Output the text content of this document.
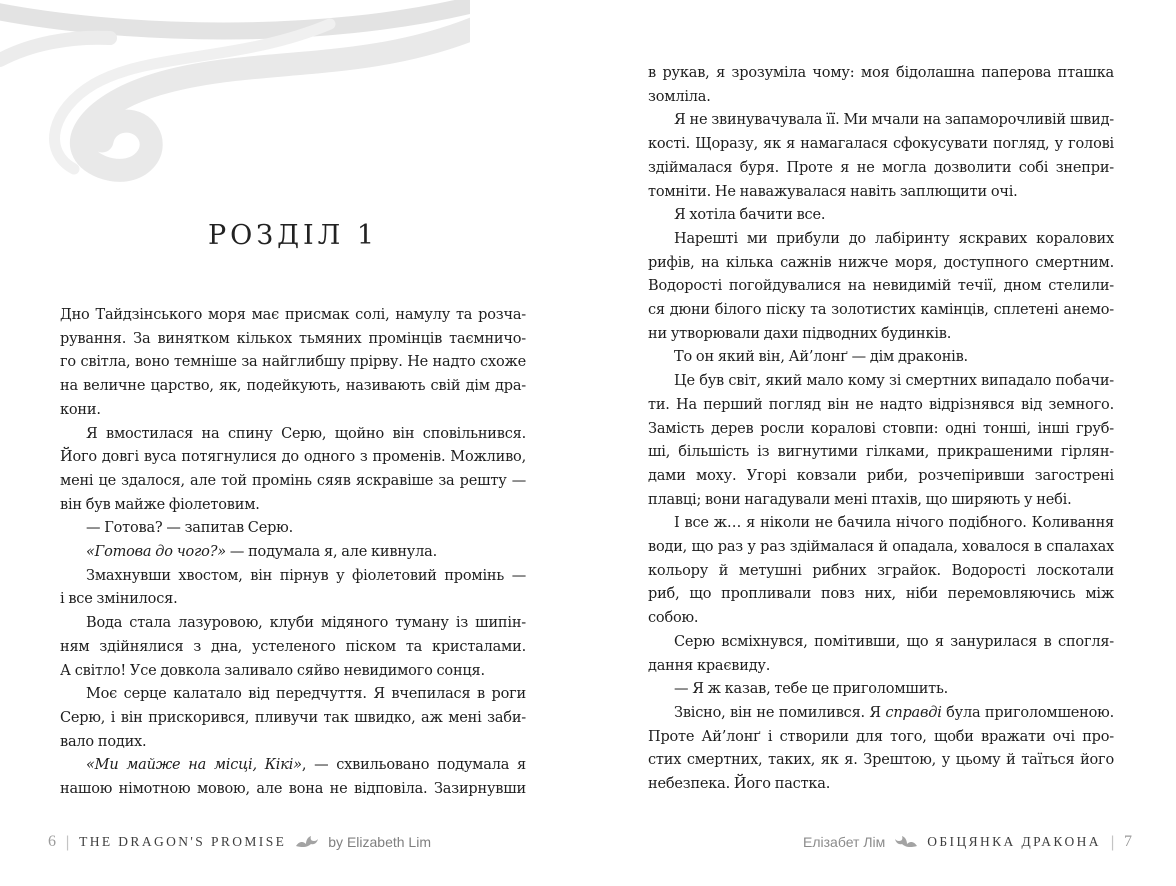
РОЗДІЛ 1
Дно Тайдзінського моря має присмак солі, намулу та розча-
рування. За винятком кількох тьмяних промінців таємничо-
го світла, воно темніше за найглибшу прірву. Не надто схоже
на величне царство, як, подейкують, називають свій дім дра-
кони.
Я вмостилася на спину Серю, щойно він сповільнився.
Його довгі вуса потягнулися до одного з променів. Можливо,
мені це здалося, але той промінь сяяв яскравіше за решту —
він був майже фіолетовим.
— Готова? — запитав Серю.
«Готова до чого?» — подумала я, але кивнула.
Змахнувши хвостом, він пірнув у фіолетовий промінь —
і все змінилося.
Вода стала лазуровою, клуби мідяного туману із шипін-
ням здійнялися з дна, устеленого піском та кристалами.
А світло! Усе довкола заливало сяйво невидимого сонця.
Моє серце калатало від передчуття. Я вчепилася в роги
Серю, і він прискорився, пливучи так швидко, аж мені заби-
вало подих.
«Ми майже на місці, Кікі», — схвильовано подумала я
нашою німотною мовою, але вона не відповіла. Зазирнувши
в рукав, я зрозуміла чому: моя бідолашна паперова пташка
зомліла.
Я не звинувачувала її. Ми мчали на запаморочливій швид-
кості. Щоразу, як я намагалася сфокусувати погляд, у голові
здіймалася буря. Проте я не могла дозволити собі знепри-
томніти. Не наважувалася навіть заплющити очі.
Я хотіла бачити все.
Нарешті ми прибули до лабіринту яскравих коралових
рифів, на кілька сажнів нижче моря, доступного смертним.
Водорості погойдувалися на невидимій течії, дном стелили-
ся дюни білого піску та золотистих камінців, сплетені анемо-
ни утворювали дахи підводних будинків.
То он який він, Ай’лонґ — дім драконів.
Це був світ, який мало кому зі смертних випадало побачи-
ти. На перший погляд він не надто відрізнявся від земного.
Замість дерев росли коралові стовпи: одні тонші, інші груб-
ші, більшість із вигнутими гілками, прикрашеними гірлян-
дами моху. Угорі ковзали риби, розчепіривши загострені
плавці; вони нагадували мені птахів, що ширяють у небі.
І все ж… я ніколи не бачила нічого подібного. Коливання
води, що раз у раз здіймалася й опадала, ховалося в спалахах
кольору й метушні рибних зграйок. Водорості лоскотали
риб, що пропливали повз них, ніби перемовляючись між
собою.
Серю всміхнувся, помітивши, що я занурилася в спогля-
дання краєвиду.
— Я ж казав, тебе це приголомшить.
Звісно, він не помилився. Я справді була приголомшеною.
Проте Ай’лонґ і створили для того, щоби вражати очі про-
стих смертних, таких, як я. Зрештою, у цьому й таїться його
небезпека. Його пастка.
6 | THE DRAGON'S PROMISE	by Elizabeth Lim	Елізабет Лім	ОБІЦЯНКА ДРАКОНА | 7
